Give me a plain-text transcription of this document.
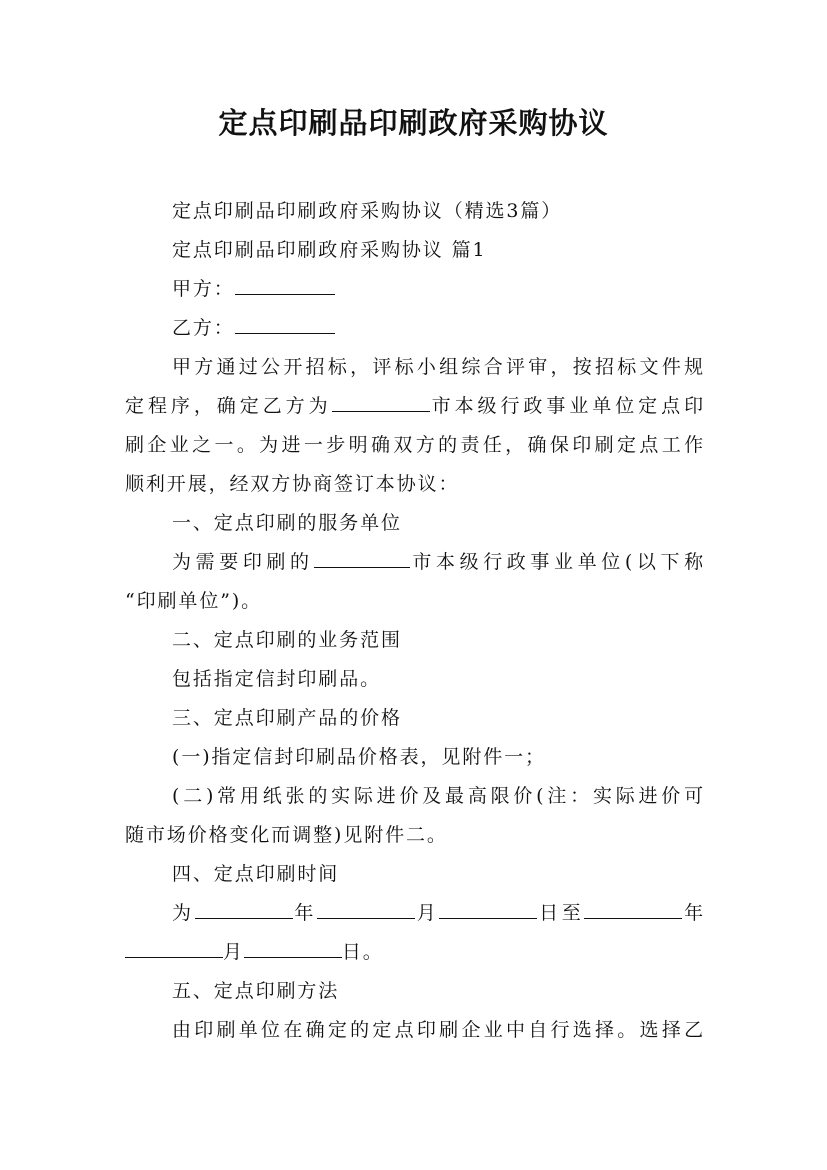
定点印刷品印刷政府采购协议

定点印刷品印刷政府采购协议（精选3篇）

定点印刷品印刷政府采购协议 篇1

甲方：

乙方：

甲方通过公开招标，评标小组综合评审，按招标文件规

定程序，确定乙方为	市本级行政事业单位定点印

刷企业之一。为进一步明确双方的责任，确保印刷定点工作

顺利开展，经双方协商签订本协议：

一、定点印刷的服务单位

为需要印刷的	市本级行政事业单位(以下称

“印刷单位”)。

二、定点印刷的业务范围

包括指定信封印刷品。

三、定点印刷产品的价格

(一)指定信封印刷品价格表，见附件一；

(二)常用纸张的实际进价及最高限价(注：实际进价可

随市场价格变化而调整)见附件二。

四、定点印刷时间

为	年	月	日至	年

月	日。

五、定点印刷方法

由印刷单位在确定的定点印刷企业中自行选择。选择乙
